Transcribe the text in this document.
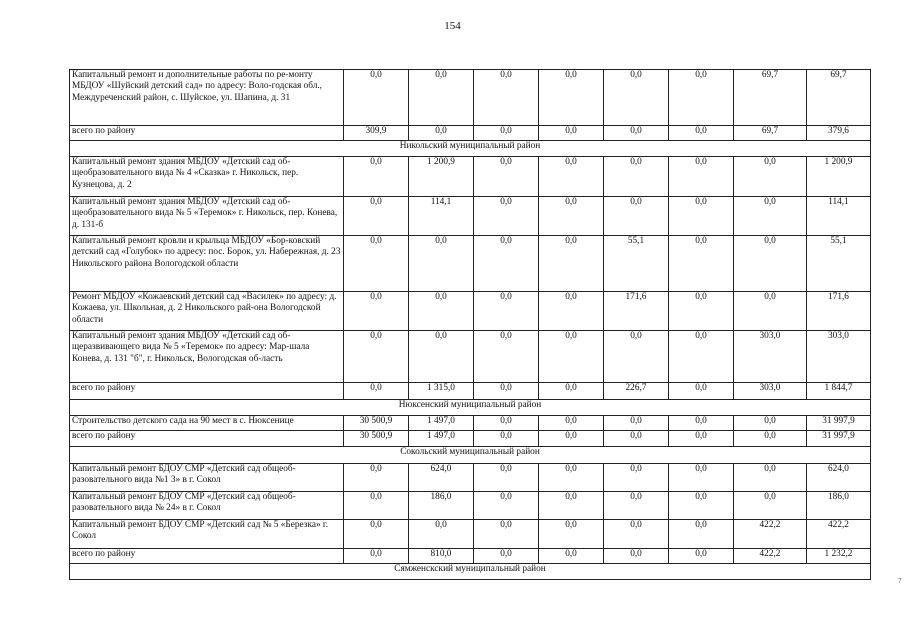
154
Капитальный ремонт и дополнительные работы по ре-монту МБДОУ «Шуйский детский сад» по адресу: Воло-годская обл., Междуреченский район, с. Шуйское, ул. Шапина, д. 31	0,0	0,0	0,0	0,0	0,0	0,0	69,7	69,7
всего по району	309,9	0,0	0,0	0,0	0,0	0,0	69,7	379,6
Никольский муниципальный район								
Капитальный ремонт здания МБДОУ «Детский сад об-щеобразовательного вида № 4 «Сказка» г. Никольск, пер. Кузнецова, д. 2	0,0	1 200,9	0,0	0,0	0,0	0,0	0,0	1 200,9
Капитальный ремонт здания МБДОУ «Детский сад об-щеобразовательного вида № 5 «Теремок» г. Никольск, пер. Конева, д. 131-б	0,0	114,1	0,0	0,0	0,0	0,0	0,0	114,1
Капитальный ремонт кровли и крыльца МБДОУ «Бор-ковский детский сад «Голубок» по адресу: пос. Борок, ул. Набережная, д. 23 Никольского района Вологодской области	0,0	0,0	0,0	0,0	55,1	0,0	0,0	55,1
Ремонт МБДОУ «Кожаевский детский сад «Василек» по адресу: д. Кожаева, ул. Школьная, д. 2 Никольского рай-она Вологодской области	0,0	0,0	0,0	0,0	171,6	0,0	0,0	171,6
Капитальный ремонт здания МБДОУ «Детский сад об-щеразвивающего вида № 5 «Теремок» по адресу: Мар-шала Конева, д. 131 "б", г. Никольск, Вологодская об-ласть	0,0	0,0	0,0	0,0	0,0	0,0	303,0	303,0
всего по району	0,0	1 315,0	0,0	0,0	226,7	0,0	303,0	1 844,7
Нюксенский муниципальный район								
Строительство детского сада на 90 мест в с. Нюксенице	30 500,9	1 497,0	0,0	0,0	0,0	0,0	0,0	31 997,9
всего по району	30 500,9	1 497,0	0,0	0,0	0,0	0,0	0,0	31 997,9
Сокольский муниципальный район								
Капитальный ремонт БДОУ СМР «Детский сад общеоб-разовательного вида №1 3» в г. Сокол	0,0	624,0	0,0	0,0	0,0	0,0	0,0	624,0
Капитальный ремонт БДОУ СМР «Детский сад общеоб-разовательного вида № 24» в г. Сокол	0,0	186,0	0,0	0,0	0,0	0,0	0,0	186,0
Капитальный ремонт БДОУ СМР «Детский сад № 5 «Березка» г. Сокол	0,0	0,0	0,0	0,0	0,0	0,0	422,2	422,2
всего по району	0,0	810,0	0,0	0,0	0,0	0,0	422,2	1 232,2
Сямженскский муниципальный район								
7
